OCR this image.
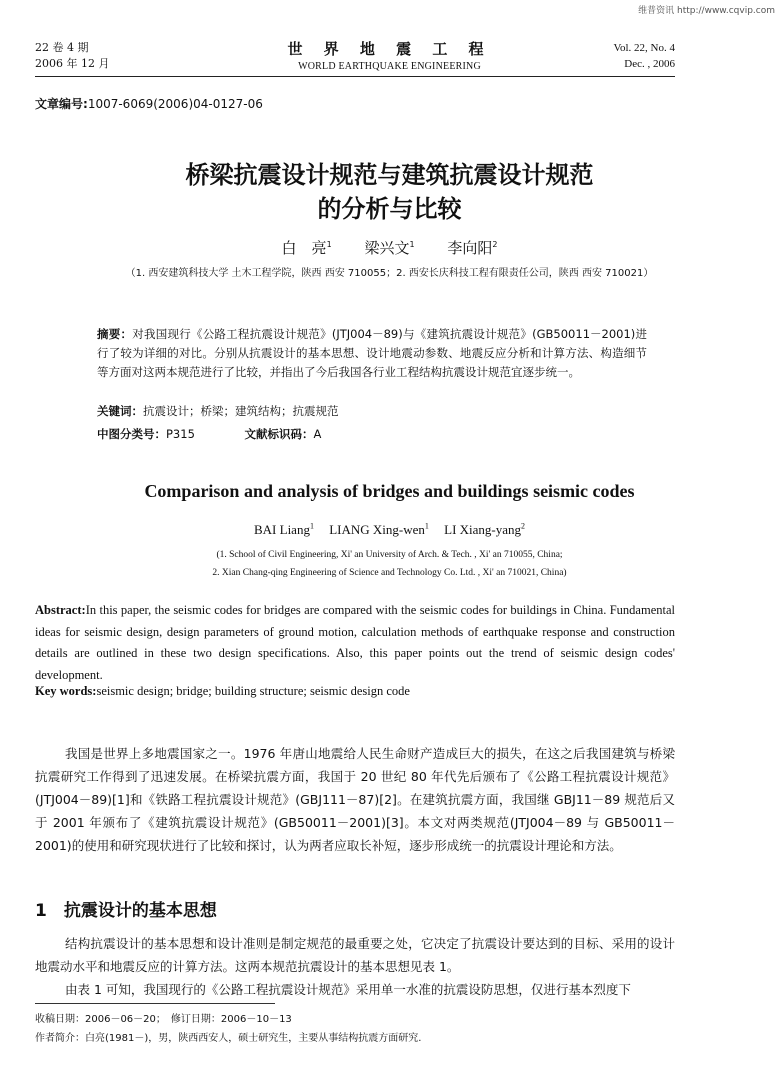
维普资讯 http://www.cqvip.com
22 卷 4 期
2006 年 12 月
世 界 地 震 工 程
WORLD EARTHQUAKE ENGINEERING
Vol. 22, No. 4
Dec. , 2006
文章编号:1007-6069(2006)04-0127-06
桥梁抗震设计规范与建筑抗震设计规范
的分析与比较
白　亮$^1$ 梁兴文$^1$ 李向阳$^2$
（1. 西安建筑科技大学 土木工程学院，陕西 西安 710055；2. 西安长庆科技工程有限责任公司，陕西 西安 710021）
摘要：对我国现行《公路工程抗震设计规范》(JTJ004－89)与《建筑抗震设计规范》(GB50011－2001)进行了较为详细的对比。分别从抗震设计的基本思想、设计地震动参数、地震反应分析和计算方法、构造细节等方面对这两本规范进行了比较，并指出了今后我国各行业工程结构抗震设计规范宜逐步统一。
关键词：抗震设计；桥梁；建筑结构；抗震规范
中图分类号：P315	文献标识码：A
Comparison and analysis of bridges and buildings seismic codes
BAI Liang$^1$ LIANG Xing-wen$^1$ LI Xiang-yang$^2$
(1. School of Civil Engineering, Xi' an University of Arch. & Tech. , Xi' an 710055, China;
2. Xian Chang-qing Engineering of Science and Technology Co. Ltd. , Xi' an 710021, China)
Abstract:In this paper, the seismic codes for bridges are compared with the seismic codes for buildings in China. Fundamental ideas for seismic design, design parameters of ground motion, calculation methods of earthquake response and construction details are outlined in these two design specifications. Also, this paper points out the trend of seismic design codes' development.
Key words:seismic design; bridge; building structure; seismic design code
我国是世界上多地震国家之一。1976 年唐山地震给人民生命财产造成巨大的损失，在这之后我国建筑与桥梁抗震研究工作得到了迅速发展。在桥梁抗震方面，我国于 20 世纪 80 年代先后颁布了《公路工程抗震设计规范》(JTJ004－89)[1]和《铁路工程抗震设计规范》(GBJ111－87)[2]。在建筑抗震方面，我国继 GBJ11－89 规范后又于 2001 年颁布了《建筑抗震设计规范》(GB50011－2001)[3]。本文对两类规范(JTJ004－89 与 GB50011－2001)的使用和研究现状进行了比较和探讨，认为两者应取长补短，逐步形成统一的抗震设计理论和方法。
1　抗震设计的基本思想
结构抗震设计的基本思想和设计准则是制定规范的最重要之处，它决定了抗震设计要达到的目标、采用的设计地震动水平和地震反应的计算方法。这两本规范抗震设计的基本思想见表 1。
由表 1 可知，我国现行的《公路工程抗震设计规范》采用单一水准的抗震设防思想，仅进行基本烈度下
收稿日期：2006－06－20；　修订日期：2006－10－13
作者简介：白亮(1981－)，男，陕西西安人，硕士研究生，主要从事结构抗震方面研究.
